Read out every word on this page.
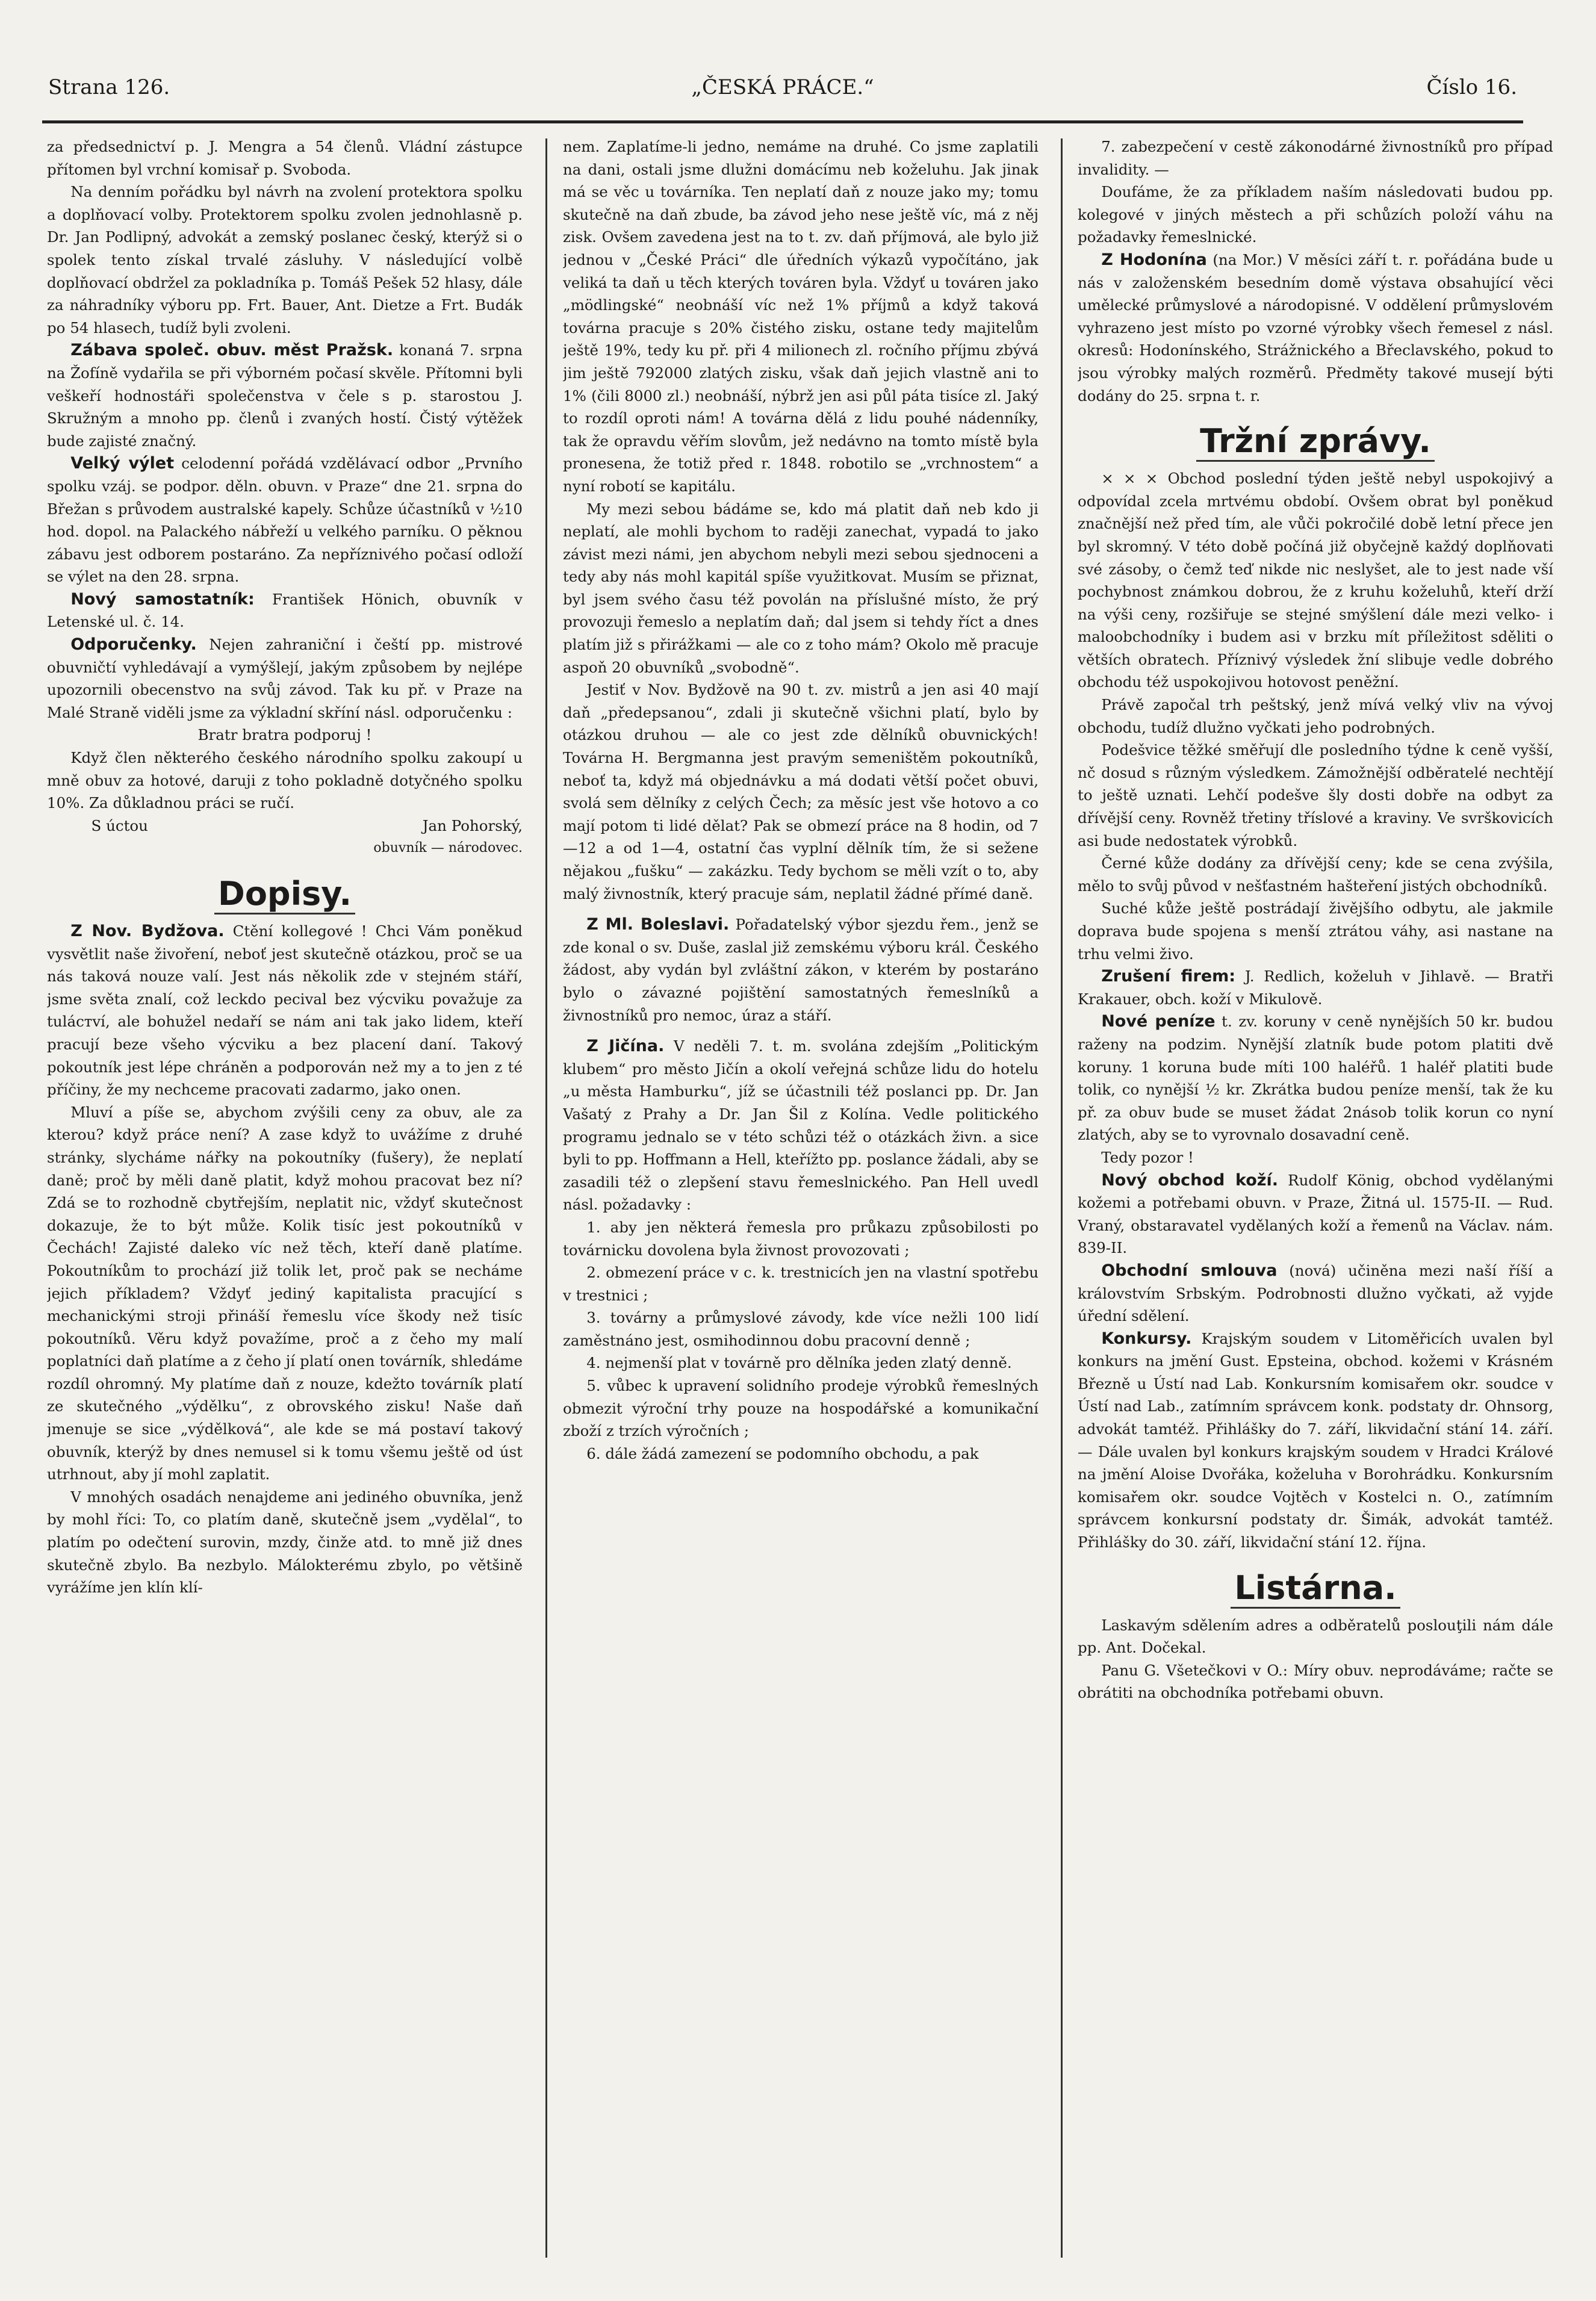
Strana 126.	„ČESKÁ PRÁCE.“	Číslo 16.

za předsednictví p. J. Mengra a 54 členů. Vládní zástupce přítomen byl vrchní komisař p. Svoboda.

Na denním pořádku byl návrh na zvolení protektora spolku a doplňovací volby. Protektorem spolku zvolen jednohlasně p. Dr. Jan Podlipný, advokát a zemský poslanec český, kterýž si o spolek tento získal trvalé zásluhy. V následující volbě doplňovací obdržel za pokladníka p. Tomáš Pešek 52 hlasy, dále za náhradníky výboru pp. Frt. Bauer, Ant. Dietze a Frt. Budák po 54 hlasech, tudíž byli zvoleni.

Zábava společ. obuv. měst Pražsk. konaná 7. srpna na Žofíně vydařila se při výborném počasí skvěle. Přítomni byli veškeří hodnostáři společenstva v čele s p. starostou J. Skružným a mnoho pp. členů i zvaných hostí. Čistý výtěžek bude zajisté značný.

Velký výlet celodenní pořádá vzdělávací odbor „Prvního spolku vzáj. se podpor. děln. obuvn. v Praze“ dne 21. srpna do Břežan s průvodem australské kapely. Schůze účastníků v ½10 hod. dopol. na Palackého nábřeží u velkého parníku. O pěknou zábavu jest odborem postaráno. Za nepříznivého počasí odloží se výlet na den 28. srpna.

Nový samostatník: František Hönich, obuvník v Letenské ul. č. 14.

Odporučenky. Nejen zahraniční i čeští pp. mistrové obuvničtí vyhledávají a vymýšlejí, jakým způsobem by nejlépe upozornili obecenstvo na svůj závod. Tak ku př. v Praze na Malé Straně viděli jsme za výkladní skříní násl. odporučenku :

Bratr bratra podporuj !

Když člen některého českého národního spolku zakoupí u mně obuv za hotové, daruji z toho pokladně dotyčného spolku 10%. Za důkladnou práci se ručí.

S úctou	Jan Pohorský,

obuvník — národovec.

Dopisy.

Z Nov. Bydžova. Ctění kollegové ! Chci Vám poněkud vysvětlit naše živoření, neboť jest skutečně otázkou, proč se ua nás taková nouze valí. Jest nás několik zde v stejném stáří, jsme světa znalí, což leckdo pecival bez výcviku považuje za tulácтví, ale bohužel nedaří se nám ani tak jako lidem, kteří pracují beze všeho výcviku a bez placení daní. Takový pokoutník jest lépe chráněn a podporován než my a to jen z té příčiny, že my nechceme pracovati zadarmo, jako onen.

Mluví a píše se, abychom zvýšili ceny za obuv, ale za kterou? když práce není? A zase když to uvážíme z druhé stránky, slycháme nářky na pokoutníky (fušery), že neplatí daně; proč by měli daně platit, když mohou pracovat bez ní? Zdá se to rozhodně cbytřejším, neplatit nic, vždyť skutečnost dokazuje, že to být může. Kolik tisíc jest pokoutníků v Čechách! Zajisté daleko víc než těch, kteří daně platíme. Pokoutníkům to prochází již tolik let, proč pak se necháme jejich příkladem? Vždyť jediný kapitalista pracující s mechanickými stroji přináší řemeslu více škody než tisíc pokoutníků. Věru když považíme, proč a z čeho my malí poplatníci daň platíme a z čeho jí platí onen továrník, shledáme rozdíl ohromný. My platíme daň z nouze, kdežto továrník platí ze skutečného „výdělku“, z obrovského zisku! Naše daň jmenuje se sice „výdělková“, ale kde se má postaví takový obuvník, kterýž by dnes nemusel si k tomu všemu ještě od úst utrhnout, aby jí mohl zaplatit.

V mnohých osadách nenajdeme ani jediného obuvníka, jenž by mohl říci: To, co platím daně, skutečně jsem „vydělal“, to platím po odečtení surovin, mzdy, činže atd. to mně již dnes skutečně zbylo. Ba nezbylo. Málokterému zbylo, po většině vyrážíme jen klín klí-

nem. Zaplatíme-li jedno, nemáme na druhé. Co jsme zaplatili na dani, ostali jsme dlužni domácímu neb koželuhu. Jak jinak má se věc u továrníka. Ten neplatí daň z nouze jako my; tomu skutečně na daň zbude, ba závod jeho nese ještě víc, má z něj zisk. Ovšem zavedena jest na to t. zv. daň příjmová, ale bylo již jednou v „České Práci“ dle úředních výkazů vypočítáno, jak veliká ta daň u těch kterých továren byla. Vždyť u továren jako „mödlingské“ neobnáší víc než 1% příjmů a když taková továrna pracuje s 20% čistého zisku, ostane tedy majitelům ještě 19%, tedy ku př. při 4 milionech zl. ročního příjmu zbývá jim ještě 792000 zlatých zisku, však daň jejich vlastně ani to 1% (čili 8000 zl.) neobnáší, nýbrž jen asi půl páta tisíce zl. Jaký to rozdíl oproti nám! A továrna dělá z lidu pouhé nádenníky, tak že opravdu věřím slovům, jež nedávno na tomto místě byla pronesena, že totiž před r. 1848. robotilo se „vrchnostem“ a nyní robotí se kapitálu.

My mezi sebou bádáme se, kdo má platit daň neb kdo ji neplatí, ale mohli bychom to raději zanechat, vypadá to jako závist mezi námi, jen abychom nebyli mezi sebou sjednoceni a tedy aby nás mohl kapitál spíše využitkovat. Musím se přiznat, byl jsem svého času též povolán na příslušné místo, že prý provozuji řemeslo a neplatím daň; dal jsem si tehdy říct a dnes platím již s přirážkami — ale co z toho mám? Okolo mě pracuje aspoň 20 obuvníků „svobodně“.

Jestiť v Nov. Bydžově na 90 t. zv. mistrů a jen asi 40 mají daň „předepsanou“, zdali ji skutečně všichni platí, bylo by otázkou druhou — ale co jest zde dělníků obuvnických! Továrna H. Bergmanna jest pravým semeništěm pokoutníků, neboť ta, když má objednávku a má dodati větší počet obuvi, svolá sem dělníky z celých Čech; za měsíc jest vše hotovo a co mají potom ti lidé dělat? Pak se obmezí práce na 8 hodin, od 7—12 a od 1—4, ostatní čas vyplní dělník tím, že si sežene nějakou „fušku“ — zakázku. Tedy bychom se měli vzít o to, aby malý živnostník, který pracuje sám, neplatil žádné přímé daně.

Z Ml. Boleslavi. Pořadatelský výbor sjezdu řem., jenž se zde konal o sv. Duše, zaslal již zemskému výboru král. Českého žádost, aby vydán byl zvláštní zákon, v kterém by postaráno bylo o závazné pojištění samostatných řemeslníků a živnostníků pro nemoc, úraz a stáří.

Z Jičína. V neděli 7. t. m. svolána zdejším „Politickým klubem“ pro město Jičín a okolí veřejná schůze lidu do hotelu „u města Hamburku“, jíž se účastnili též poslanci pp. Dr. Jan Vašatý z Prahy a Dr. Jan Šil z Kolína. Vedle politického programu jednalo se v této schůzi též o otázkách živn. a sice byli to pp. Hoffmann a Hell, kteřížto pp. poslance žádali, aby se zasadili též o zlepšení stavu řemeslnického. Pan Hell uvedl násl. požadavky :

1. aby jen některá řemesla pro průkazu způsobilosti po továrnicku dovolena byla živnost provozovati ;

2. obmezení práce v c. k. trestnicích jen na vlastní spotřebu v trestnici ;

3. továrny a průmyslové závody, kde více nežli 100 lidí zaměstnáno jest, osmihodinnou dobu pracovní denně ;

4. nejmenší plat v továrně pro dělníka jeden zlatý denně.

5. vůbec k upravení solidního prodeje výrobků řemeslných obmezit výroční trhy pouze na hospodářské a komunikační zboží z trzích výročních ;

6. dále žádá zamezení se podomního obchodu, a pak

7. zabezpečení v cestě zákonodárné živnostníků pro případ invalidity. —

Doufáme, že za příkladem naším následovati budou pp. kolegové v jiných městech a při schůzích položí váhu na požadavky řemeslnické.

Z Hodonína (na Mor.) V měsíci září t. r. pořádána bude u nás v založenském besedním domě výstava obsahující věci umělecké průmyslové a národopisné. V oddělení průmyslovém vyhrazeno jest místo po vzorné výrobky všech řemesel z násl. okresů: Hodonínského, Strážnického a Břeclavského, pokud to jsou výrobky malých rozměrů. Předměty takové musejí býti dodány do 25. srpna t. r.

Tržní zprávy.

× × × Obchod poslední týden ještě nebyl uspokojivý a odpovídal zcela mrtvému období. Ovšem obrat byl poněkud značnější než před tím, ale vůči pokročilé době letní přece jen byl skromný. V této době počíná již obyčejně každý doplňovati své zásoby, o čemž teď nikde nic neslyšet, ale to jest nade vší pochybnost známkou dobrou, že z kruhu koželuhů, kteří drží na výši ceny, rozšiřuje se stejné smýšlení dále mezi velko- i maloobchodníky i budem asi v brzku mít příležitost sděliti o větších obratech. Příznivý výsledek žní slibuje vedle dobrého obchodu též uspokojivou hotovost peněžní.

Právě započal trh peštský, jenž mívá velký vliv na vývoj obchodu, tudíž dlužno vyčkati jeho podrobných.

Podešvice těžké směřují dle posledního týdne k ceně vyšší, nč dosud s různým výsledkem. Zámožnější odběratelé nechtějí to ještě uznati. Lehčí podešve šly dosti dobře na odbyt za dřívější ceny. Rovněž třetiny tříslové a kraviny. Ve svrškovicích asi bude nedostatek výrobků.

Černé kůže dodány za dřívější ceny; kde se cena zvýšila, mělo to svůj původ v nešťastném hašteření jistých obchodníků.

Suché kůže ještě postrádají živějšího odbytu, ale jakmile dopravа bude spojena s menší ztrátou váhy, asi nastane na trhu velmi živo.

Zrušení firem: J. Redlich, koželuh v Jihlavě. — Bratři Krakauer, obch. koží v Mikulově.

Nové peníze t. zv. koruny v ceně nynějších 50 kr. budou raženy na podzim. Nynější zlatník bude potom platiti dvě koruny. 1 koruna bude míti 100 haléřů. 1 haléř platiti bude tolik, co nynější ½ kr. Zkrátka budou peníze menší, tak že ku př. za obuv bude se muset žádat 2násob tolik korun co nyní zlatých, aby se to vyrovnalo dosavadní ceně.

Tedy pozor !

Nový obchod koží. Rudolf König, obchod vydělanými kožemi a potřebami obuvn. v Praze, Žitná ul. 1575-II. — Rud. Vraný, obstaravatel vydělaných koží a řemenů na Václav. nám. 839-II.

Obchodní smlouva (nová) učiněna mezi naší říší a královstvím Srbským. Podrobnosti dlužno vyčkati, až vyjde úřední sdělení.

Konkursy. Krajským soudem v Litoměřicích uvalen byl konkurs na jmění Gust. Epsteina, obchod. kožemi v Krásném Březně u Ústí nad Lab. Konkursním komisařem okr. soudce v Ústí nad Lab., zatímním správcem konk. podstaty dr. Ohnsorg, advokát tamtéž. Přihlášky do 7. září, likvidační stání 14. září. — Dále uvalen byl konkurs krajským soudem v Hradci Králové na jmění Aloise Dvořáka, koželuha v Borohrádku. Konkursním komisařem okr. soudce Vojtěch v Kostelci n. O., zatímním správcem konkursní podstaty dr. Šimák, advokát tamtéž. Přihlášky do 30. září, likvidační stání 12. října.

Listárna.

Laskavým sdělením adres a odběratelů poslouţili nám dále pp. Ant. Dočekal.

Panu G. Všetečkovi v O.: Míry obuv. neprodáváme; račte se obrátiti na obchodníka potřebami obuvn.
